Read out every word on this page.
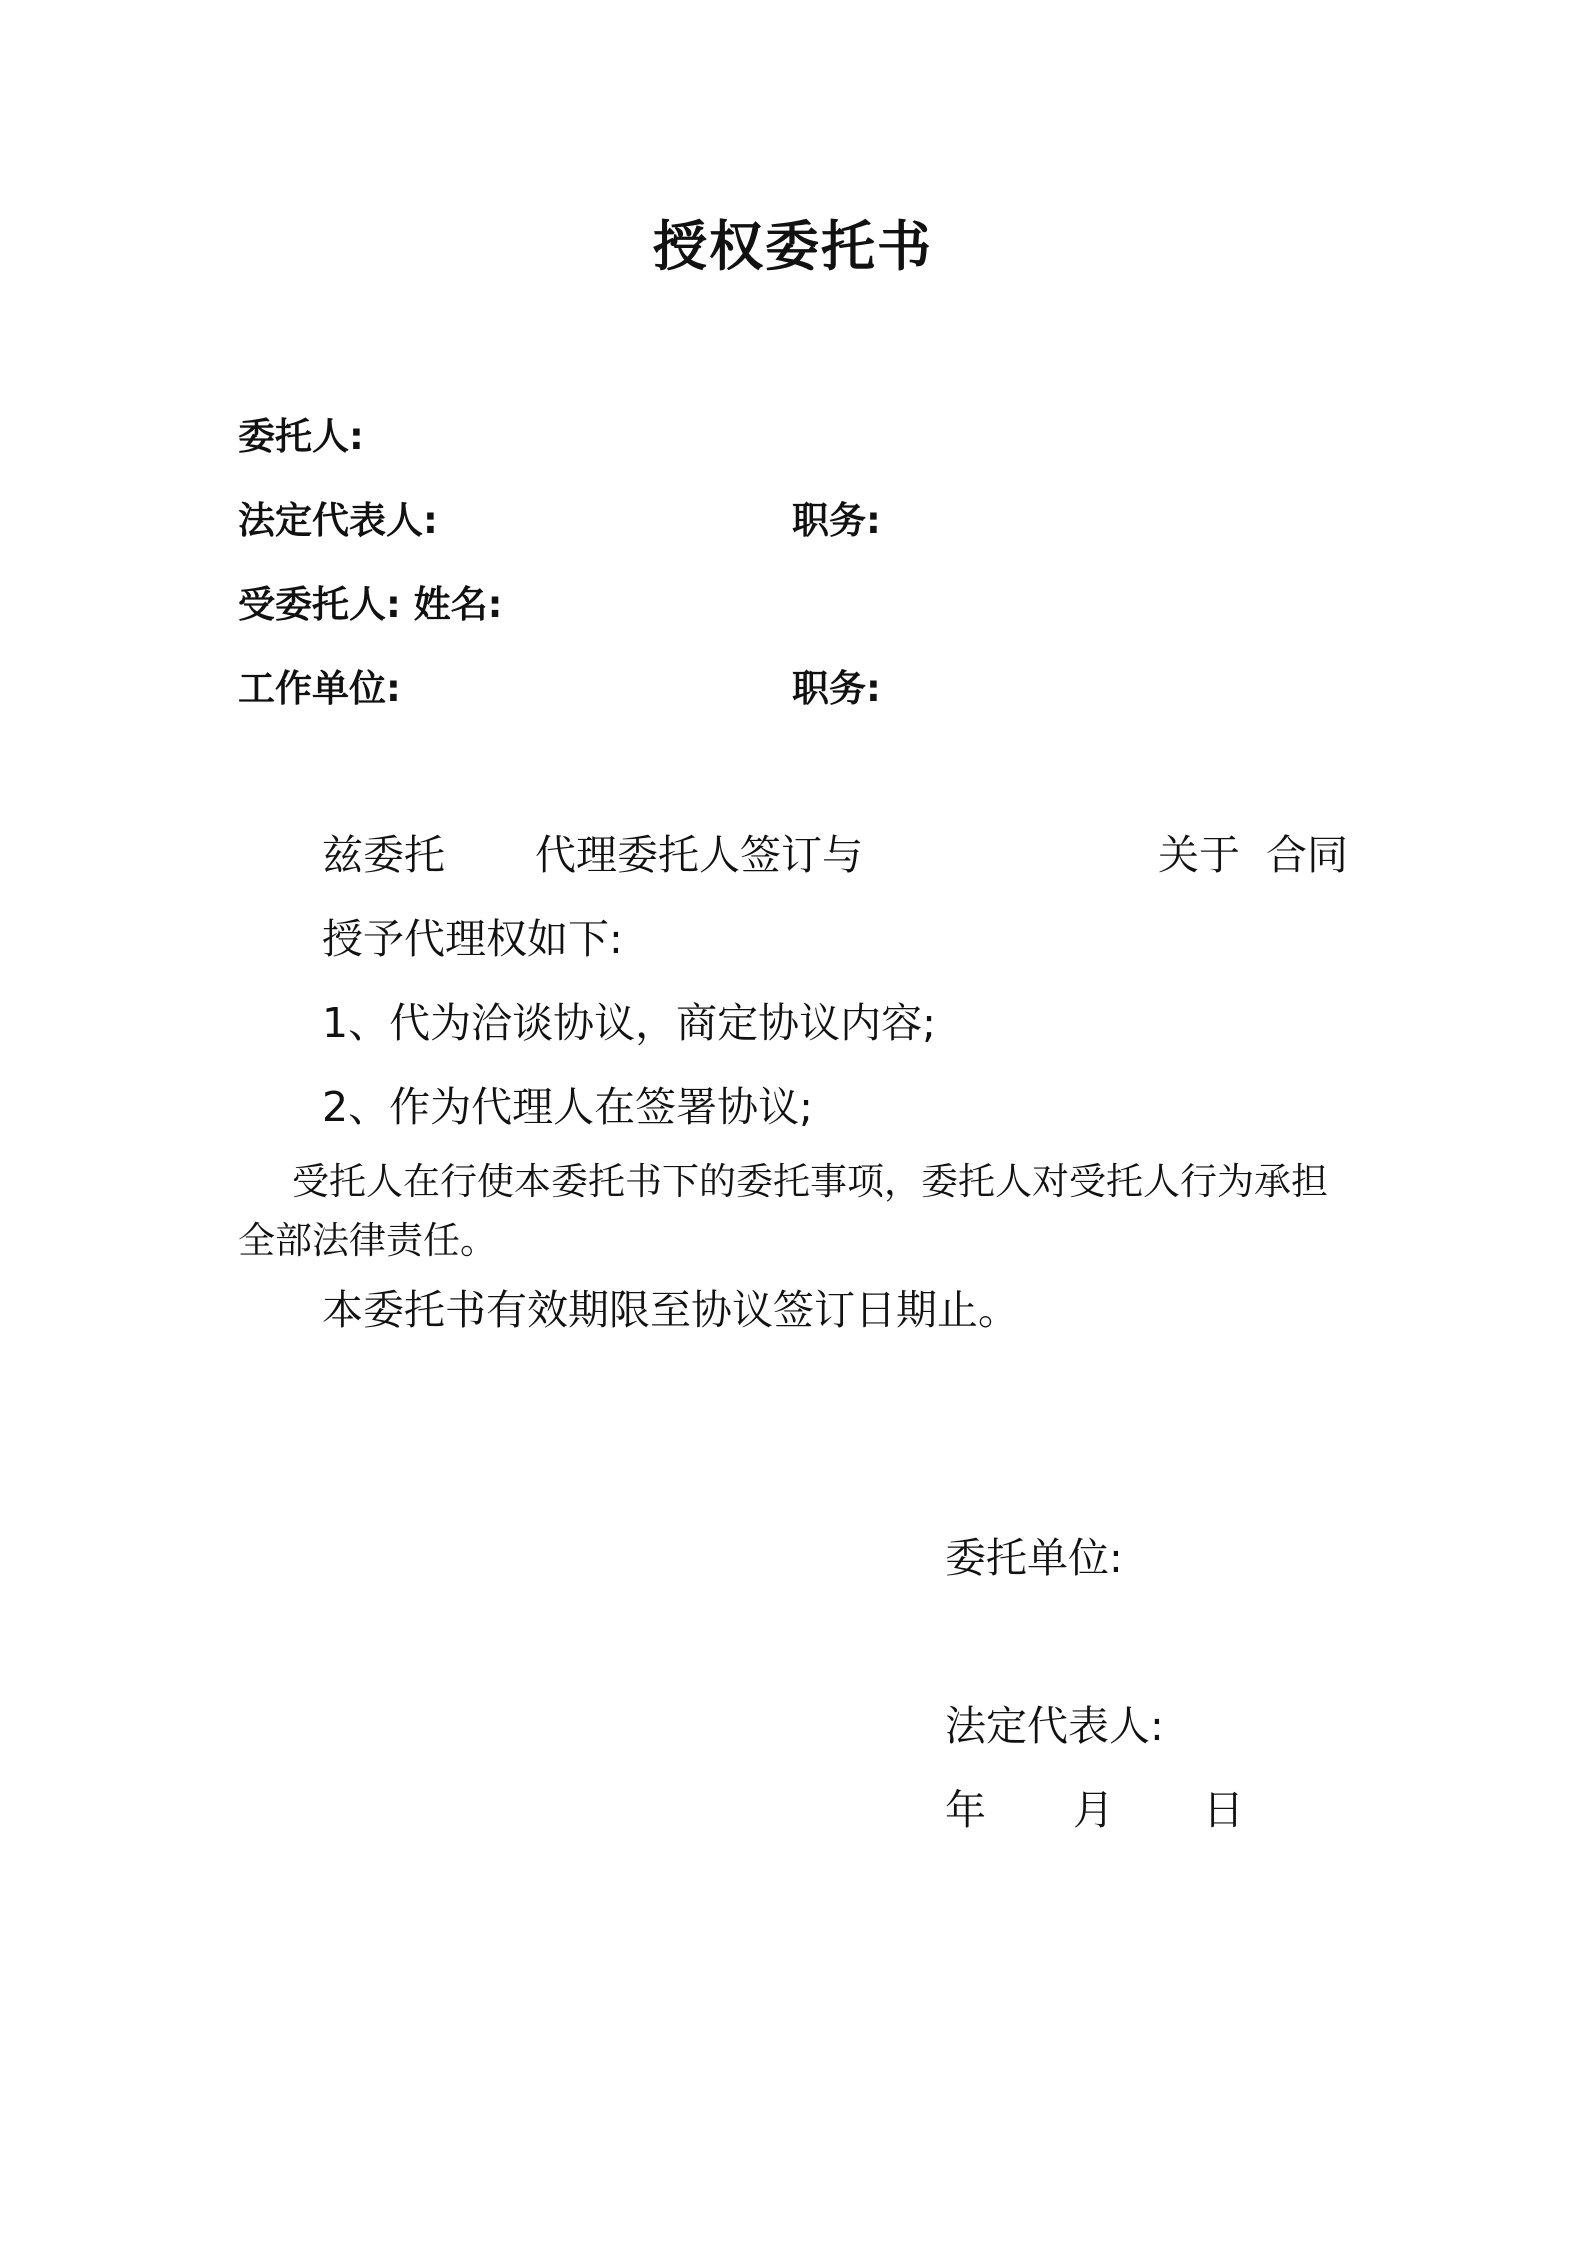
授权委托书
委托人:
法定代表人:	职务:
受委托人: 姓名:
工作单位:	职务:
兹委托 代理委托人签订与	关于 合同
授予代理权如下:
1、代为洽谈协议，商定协议内容;
2、作为代理人在签署协议;
受托人在行使本委托书下的委托事项，委托人对受托人行为承担
全部法律责任。
本委托书有效期限至协议签订日期止。
委托单位:
法定代表人:
年 月 日
